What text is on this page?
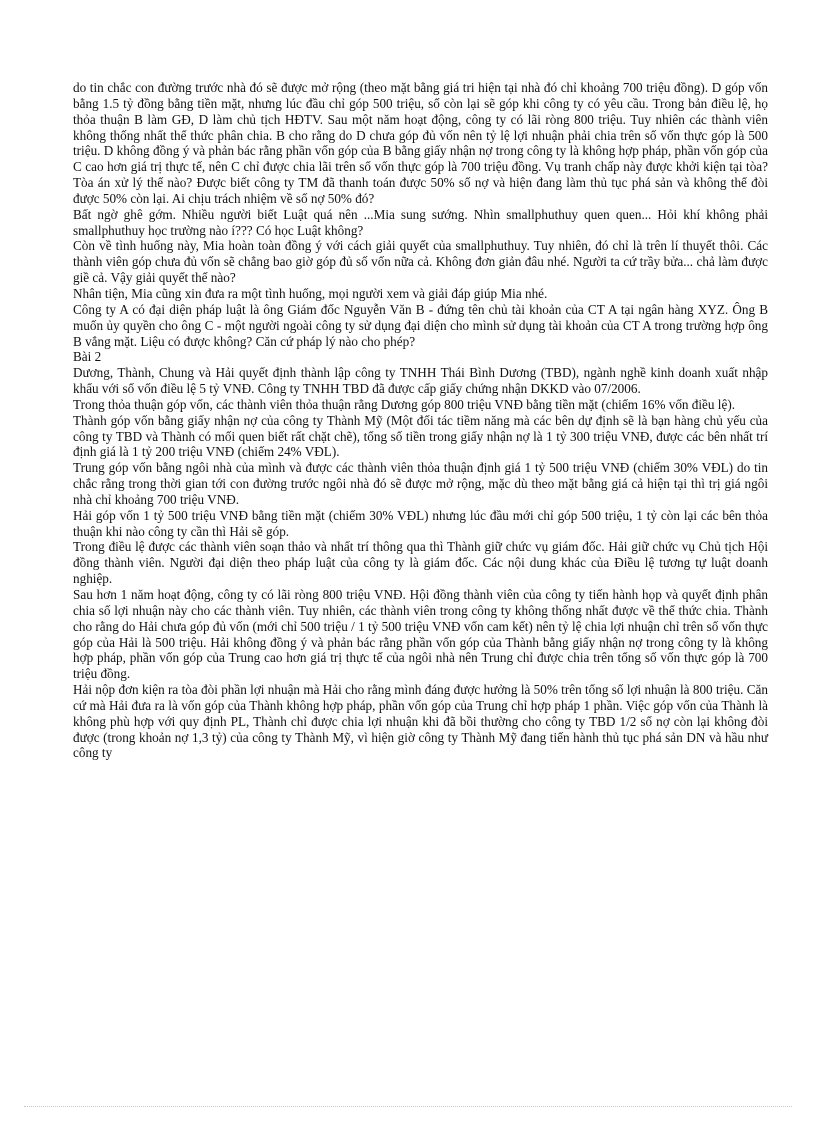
do tin chắc con đường trước nhà đó sẽ được mở rộng (theo mặt bằng giá tri hiện tại nhà đó chỉ khoảng 700 triệu đồng). D góp vốn bằng 1.5 tỷ đồng bằng tiền mặt, nhưng lúc đầu chỉ góp 500 triệu, số còn lại sẽ góp khi công ty có yêu cầu. Trong bản điều lệ, họ thỏa thuận B làm GĐ, D làm chủ tịch HĐTV. Sau một năm hoạt động, công ty có lãi ròng 800 triệu. Tuy nhiên các thành viên không thống nhất thể thức phân chia. B cho rằng do D chưa góp đủ vốn nên tỷ lệ lợi nhuận phải chia trên số vốn thực góp là 500 triệu. D không đồng ý và phản bác rằng phần vốn góp của B bằng giấy nhận nợ trong công ty là không hợp pháp, phần vốn góp của C cao hơn giá trị thực tế, nên C chỉ được chia lãi trên số vốn thực góp là 700 triệu đồng. Vụ tranh chấp này được khởi kiện tại tòa? Tòa án xử lý thế nào? Được biết công ty TM đã thanh toán được 50% số nợ và hiện đang làm thủ tục phá sản và không thể đòi được 50% còn lại. Ai chịu trách nhiệm về số nợ 50% đó?

Bất ngờ ghê gớm. Nhiều người biết Luật quá nên ...Mia sung sướng. Nhìn smallphuthuy quen quen... Hỏi khí không phải smallphuthuy học trường nào í??? Có học Luật không?

Còn về tình huống này, Mia hoàn toàn đồng ý với cách giải quyết của smallphuthuy. Tuy nhiên, đó chỉ là trên lí thuyết thôi. Các thành viên góp chưa đủ vốn sẽ chẳng bao giờ góp đủ số vốn nữa cả. Không đơn giản đâu nhé. Người ta cứ trầy bửa... chả làm được giề cả. Vậy giải quyết thế nào?

Nhân tiện, Mia cũng xin đưa ra một tình huống, mọi người xem và giải đáp giúp Mia nhé.

Công ty A có đại diện pháp luật là ông Giám đốc Nguyễn Văn B - đứng tên chủ tài khoản của CT A tại ngân hàng XYZ. Ông B muốn ủy quyền cho ông C - một người ngoài công ty sử dụng đại diện cho mình sử dụng tài khoản của CT A trong trường hợp ông B vắng mặt. Liệu có được không? Căn cứ pháp lý nào cho phép?

Bài 2

Dương, Thành, Chung và Hải quyết định thành lập công ty TNHH Thái Bình Dương (TBD), ngành nghề kinh doanh xuất nhập khẩu với số vốn điều lệ 5 tỷ VNĐ. Công ty TNHH TBD đã được cấp giấy chứng nhận DKKD vào 07/2006.

Trong thỏa thuận góp vốn, các thành viên thỏa thuận rằng Dương góp 800 triệu VNĐ bằng tiền mặt (chiếm 16% vốn điều lệ).

Thành góp vốn bằng giấy nhận nợ của công ty Thành Mỹ (Một đối tác tiềm năng mà các bên dự định sẽ là bạn hàng chủ yếu của công ty TBD và Thành có mối quen biết rất chặt chẽ), tổng số tiền trong giấy nhận nợ là 1 tỷ 300 triệu VNĐ, được các bên nhất trí định giá là 1 tỷ 200 triệu VNĐ (chiếm 24% VĐL).

Trung góp vốn bằng ngôi nhà của mình và được các thành viên thỏa thuận định giá 1 tỷ 500 triệu VNĐ (chiếm 30% VĐL) do tin chắc rằng trong thời gian tới con đường trước ngôi nhà đó sẽ được mở rộng, mặc dù theo mặt bằng giá cả hiện tại thì trị giá ngôi nhà chỉ khoảng 700 triệu VNĐ.

Hải góp vốn 1 tỷ 500 triệu VNĐ bằng tiền mặt (chiếm 30% VĐL) nhưng lúc đầu mới chỉ góp 500 triệu, 1 tỷ còn lại các bên thỏa thuận khi nào công ty cần thì Hải sẽ góp.

Trong điều lệ được các thành viên soạn thảo và nhất trí thông qua thì Thành giữ chức vụ giám đốc. Hải giữ chức vụ Chủ tịch Hội đồng thành viên. Người đại diện theo pháp luật của công ty là giám đốc. Các nội dung khác của Điều lệ tương tự luật doanh nghiệp.

Sau hơn 1 năm hoạt động, công ty có lãi ròng 800 triệu VNĐ. Hội đồng thành viên của công ty tiến hành họp và quyết định phân chia số lợi nhuận này cho các thành viên. Tuy nhiên, các thành viên trong công ty không thống nhất được về thể thức chia. Thành cho rằng do Hải chưa góp đủ vốn (mới chỉ 500 triệu / 1 tỷ 500 triệu VNĐ vốn cam kết) nên tỷ lệ chia lợi nhuận chỉ trên số vốn thực góp của Hải là 500 triệu. Hải không đồng ý và phản bác rằng phần vốn góp của Thành bằng giấy nhận nợ trong công ty là không hợp pháp, phần vốn góp của Trung cao hơn giá trị thực tế của ngôi nhà nên Trung chỉ được chia trên tổng số vốn thực góp là 700 triệu đồng.

Hải nộp đơn kiện ra tòa đòi phần lợi nhuận mà Hải cho rằng mình đáng được hưởng là 50% trên tổng số lợi nhuận là 800 triệu. Căn cứ mà Hải đưa ra là vốn góp của Thành không hợp pháp, phần vốn góp của Trung chỉ hợp pháp 1 phần. Việc góp vốn của Thành là không phù hợp với quy định PL, Thành chỉ được chia lợi nhuận khi đã bồi thường cho công ty TBD 1/2 số nợ còn lại không đòi được (trong khoản nợ 1,3 tỷ) của công ty Thành Mỹ, vì hiện giờ công ty Thành Mỹ đang tiến hành thủ tục phá sản DN và hầu như công ty
